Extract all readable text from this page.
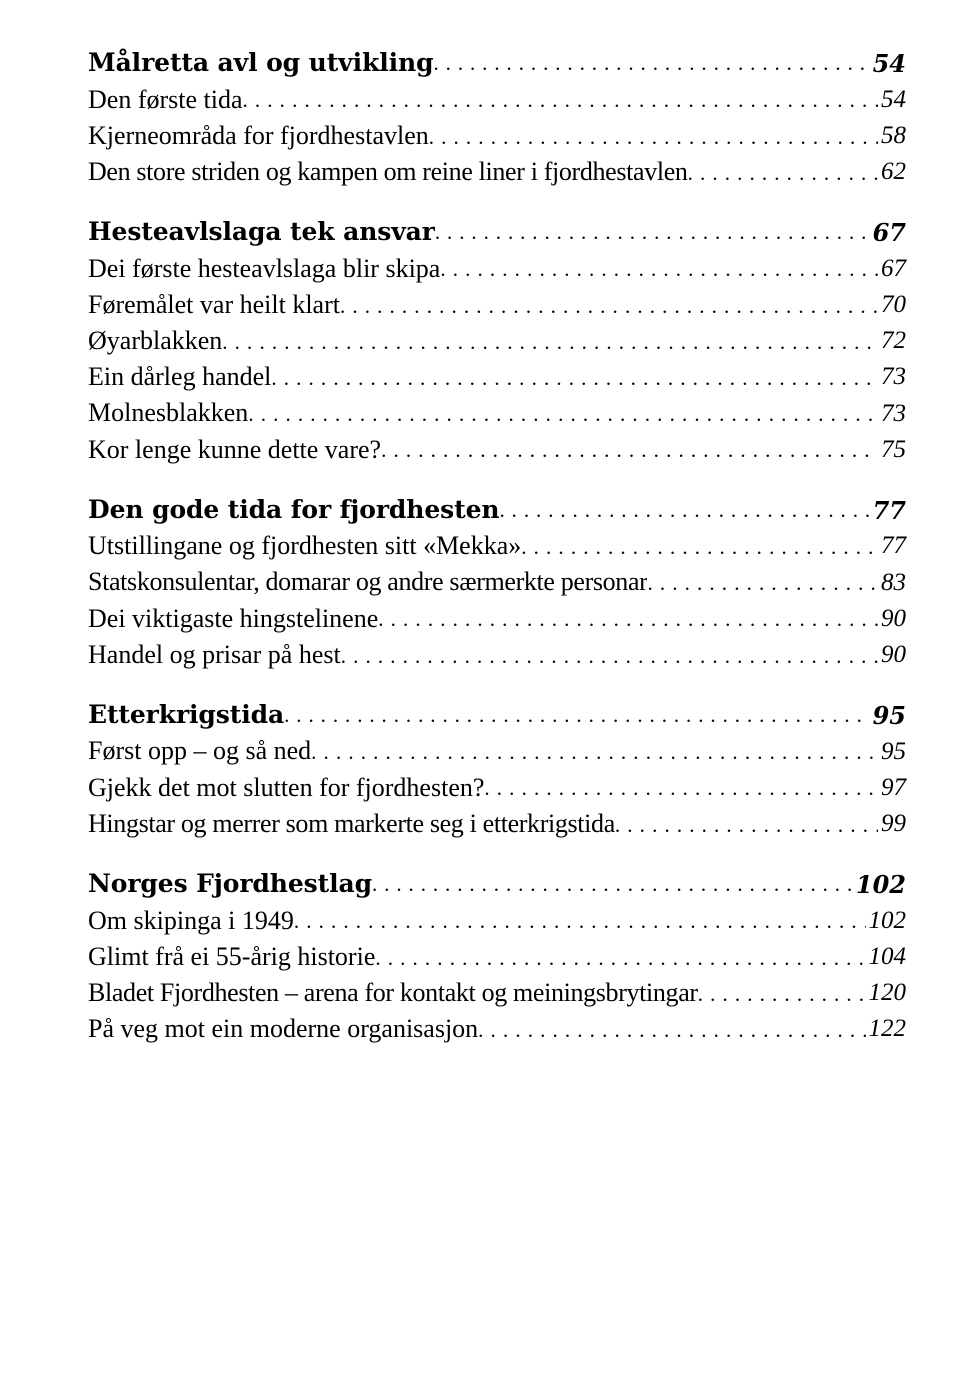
Målretta avl og utvikling .....	54
Den første tida .....	54
Kjerneområda for fjordhestavlen .....	58
Den store striden og kampen om reine liner i fjordhestavlen .....	62
Hesteavlslaga tek ansvar .....	67
Dei første hesteavlslaga blir skipa .....	67
Føremålet var heilt klart .....	70
Øyarblakken .....	72
Ein dårleg handel .....	73
Molnesblakken .....	73
Kor lenge kunne dette vare? .....	75
Den gode tida for fjordhesten .....	77
Utstillingane og fjordhesten sitt «Mekka» .....	77
Statskonsulentar, domarar og andre særmerkte personar .....	83
Dei viktigaste hingstelinene .....	90
Handel og prisar på hest .....	90
Etterkrigstida .....	95
Først opp – og så ned .....	95
Gjekk det mot slutten for fjordhesten? .....	97
Hingstar og merrer som markerte seg i etterkrigstida .....	99
Norges Fjordhestlag .....	102
Om skipinga i 1949 .....	102
Glimt frå ei 55-årig historie .....	104
Bladet Fjordhesten – arena for kontakt og meiningsbrytingar .....	120
På veg mot ein moderne organisasjon .....	122
